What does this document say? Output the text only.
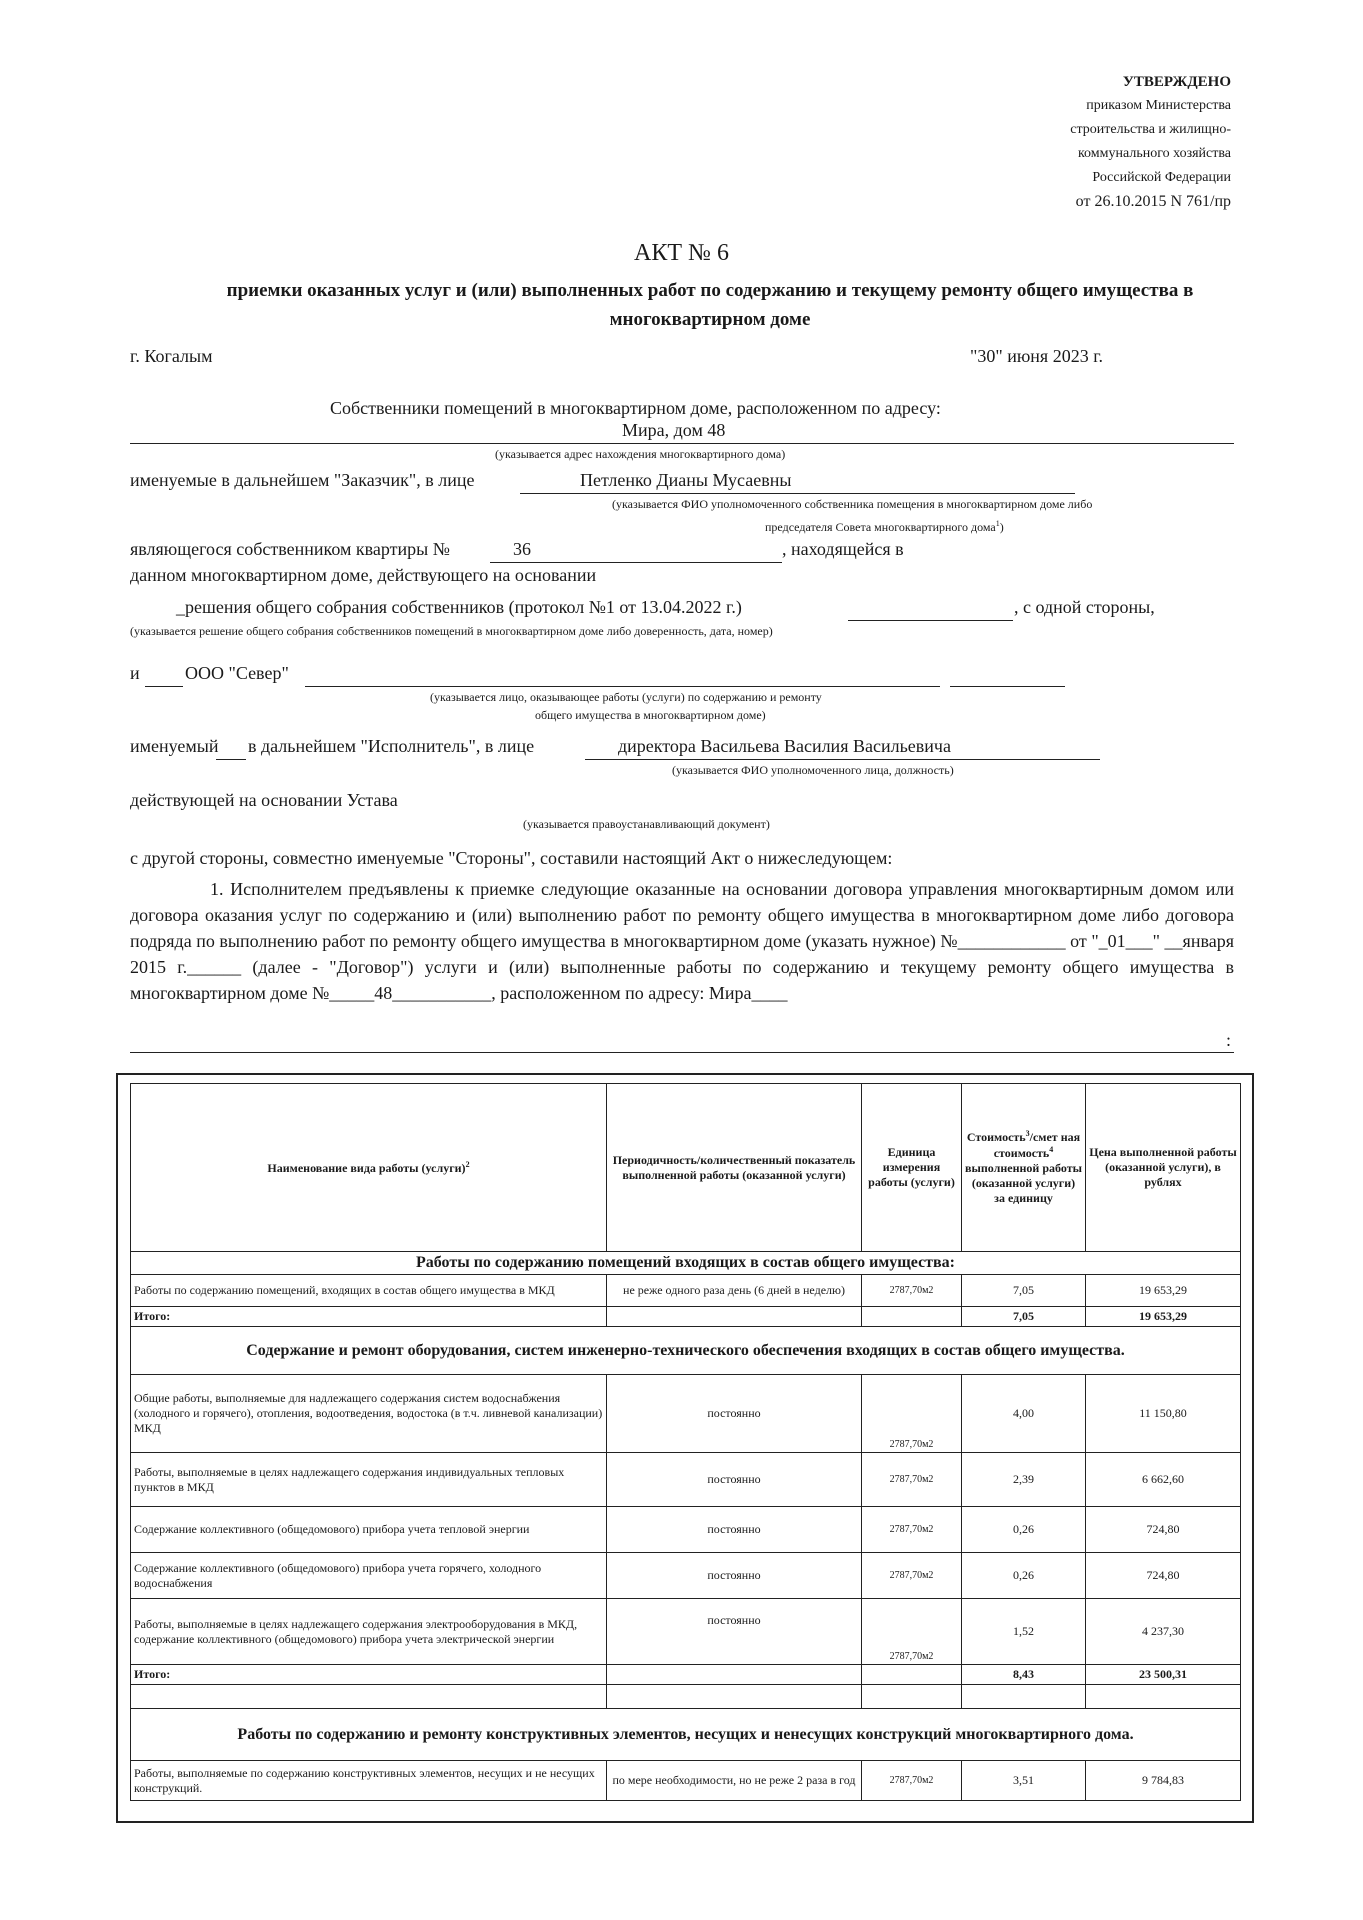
УТВЕРЖДЕНО
приказом Министерства
строительства и жилищно-
коммунального хозяйства
Российской Федерации
от 26.10.2015 N 761/пр
АКТ № 6
приемки оказанных услуг и (или) выполненных работ по содержанию и текущему ремонту общего имущества в многоквартирном доме
г. Когалым	"30" июня 2023 г.
Собственники помещений в многоквартирном доме, расположенном по адресу:
Мира, дом 48
(указывается адрес нахождения многоквартирного дома)
именуемые в дальнейшем "Заказчик", в лице	Петленко Дианы Мусаевны
(указывается ФИО уполномоченного собственника помещения в многоквартирном доме либо
председателя Совета многоквартирного дома$^1$)
являющегося собственником квартиры №	36	, находящейся в
данном многоквартирном доме, действующего на основании
_решения общего собрания собственников (протокол №1 от 13.04.2022 г.)	, с одной стороны,
(указывается решение общего собрания собственников помещений в многоквартирном доме либо доверенность, дата, номер)
и	ООО "Север"
(указывается лицо, оказывающее работы (услуги) по содержанию и ремонту
общего имущества в многоквартирном доме)
именуемый в дальнейшем "Исполнитель", в лице	директора Васильева Василия Васильевича
(указывается ФИО уполномоченного лица, должность)
действующей на основании Устава
(указывается правоустанавливающий документ)
с другой стороны, совместно именуемые "Стороны", составили настоящий Акт о нижеследующем:
1. Исполнителем предъявлены к приемке следующие оказанные на основании договора управления многоквартирным домом или договора оказания услуг по содержанию и (или) выполнению работ по ремонту общего имущества в многоквартирном доме либо договора подряда по выполнению работ по ремонту общего имущества в многоквартирном доме (указать нужное) №____________ от "_01___" __января 2015 г.______ (далее - "Договор") услуги и (или) выполненные работы по содержанию и текущему ремонту общего имущества в многоквартирном доме №_____48___________, расположенном по адресу: Мира____
:
Наименование вида работы (услуги)$^2$	Периодичность/количественный показатель выполненной работы (оказанной услуги)	Единица измерения работы (услуги)	Стоимость$^3$/смет ная стоимость$^4$ выполненной работы (оказанной услуги) за единицу	Цена выполненной работы (оказанной услуги), в рублях
Работы по содержанию помещений входящих в состав общего имущества:				
Работы по содержанию помещений, входящих в состав общего имущества в МКД	не реже одного раза день (6 дней в неделю)	2787,70м2	7,05	19 653,29
Итого:			7,05	19 653,29
Содержание и ремонт оборудования, систем инженерно-технического обеспечения входящих в состав общего имущества.				
Общие работы, выполняемые для надлежащего содержания систем водоснабжения (холодного и горячего), отопления, водоотведения, водостока (в т.ч. ливневой канализации) МКД	постоянно	2787,70м2	4,00	11 150,80
Работы, выполняемые в целях надлежащего содержания индивидуальных тепловых пунктов в МКД	постоянно	2787,70м2	2,39	6 662,60
Содержание коллективного (общедомового) прибора учета тепловой энергии	постоянно	2787,70м2	0,26	724,80
Содержание коллективного (общедомового) прибора учета горячего, холодного водоснабжения	постоянно	2787,70м2	0,26	724,80
Работы, выполняемые в целях надлежащего содержания электрооборудования в МКД, содержание коллективного (общедомового) прибора учета электрической энергии	постоянно	2787,70м2	1,52	4 237,30
Итого:			8,43	23 500,31

Работы по содержанию и ремонту конструктивных элементов, несущих и ненесущих конструкций многоквартирного дома.				
Работы, выполняемые по содержанию конструктивных элементов, несущих и не несущих конструкций.	по мере необходимости, но не реже 2 раза в год	2787,70м2	3,51	9 784,83
